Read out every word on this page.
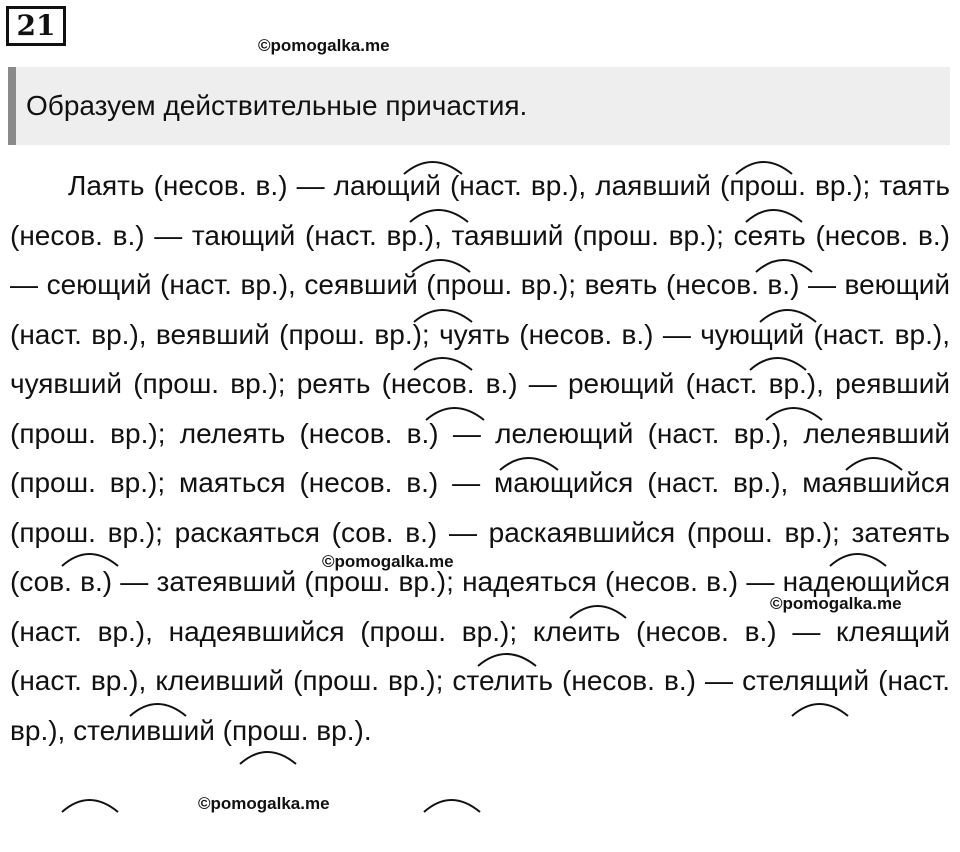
21
©pomogalka.me
Образуем действительные причастия.

Лаять (несов. в.) — лающий (наст. вр.), лаявший (прош. вр.); таять (несов. в.) — тающий (наст. вр.), таявший (прош. вр.); сеять (несов. в.) — сеющий (наст. вр.), сеявший (прош. вр.); веять (несов. в.) — веющий (наст. вр.), веявший (прош. вр.); чуять (несов. в.) — чующий (наст. вр.), чуявший (прош. вр.); реять (несов. в.) — реющий (наст. вр.), реявший (прош. вр.); лелеять (несов. в.) — лелеющий (наст. вр.), лелеявший (прош. вр.); маяться (несов. в.) — мающийся (наст. вр.), маявшийся (прош. вр.); раскаяться (сов. в.) — раскаявшийся (прош. вр.); затеять (сов. в.) — затеявший (прош. вр.); надеяться (несов. в.) — надеющийся (наст. вр.), надеявшийся (прош. вр.); клеить (несов. в.) — клеящий (наст. вр.), клеивший (прош. вр.); стелить (несов. в.) — стелящий (наст. вр.), стеливший (прош. вр.).

©pomogalka.me
©pomogalka.me
©pomogalka.me
